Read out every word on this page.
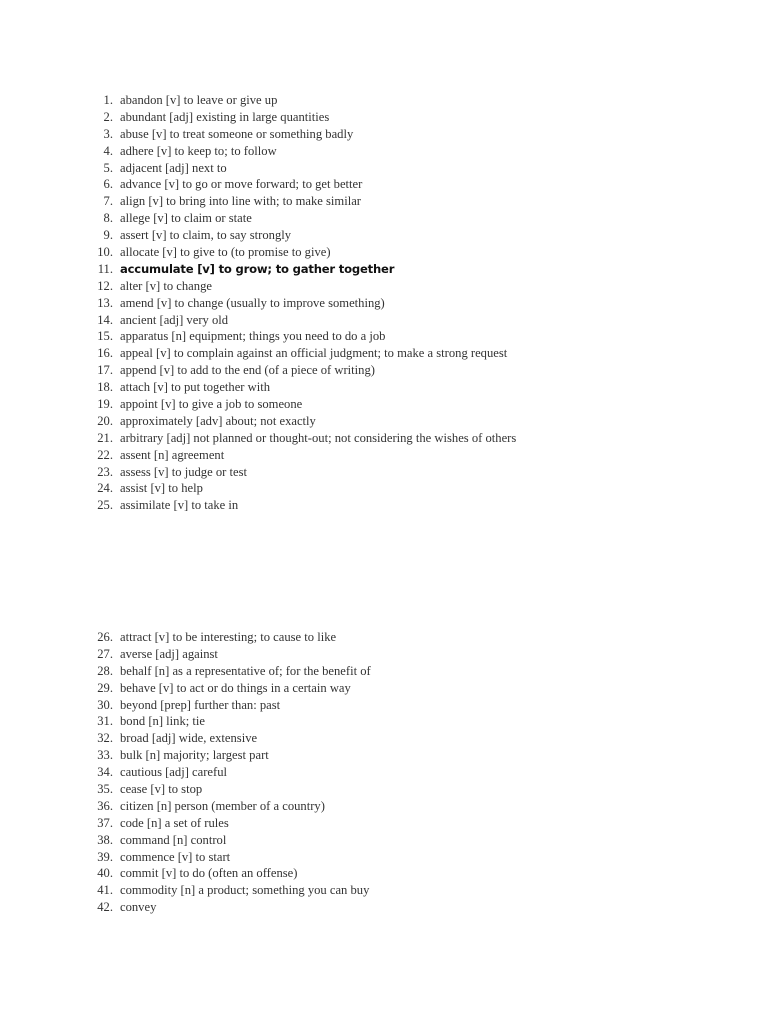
1. abandon [v] to leave or give up
2. abundant [adj] existing in large quantities
3. abuse [v] to treat someone or something badly
4. adhere [v] to keep to; to follow
5. adjacent [adj] next to
6. advance [v] to go or move forward; to get better
7. align [v] to bring into line with; to make similar
8. allege [v] to claim or state
9. assert [v] to claim, to say strongly
10. allocate [v] to give to (to promise to give)
11. accumulate [v] to grow; to gather together
12. alter [v] to change
13. amend [v] to change (usually to improve something)
14. ancient [adj] very old
15. apparatus [n] equipment; things you need to do a job
16. appeal [v] to complain against an official judgment; to make a strong request
17. append [v] to add to the end (of a piece of writing)
18. attach [v] to put together with
19. appoint [v] to give a job to someone
20. approximately [adv] about; not exactly
21. arbitrary [adj] not planned or thought-out; not considering the wishes of others
22. assent [n] agreement
23. assess [v] to judge or test
24. assist [v] to help
25. assimilate [v] to take in
26. attract [v] to be interesting; to cause to like
27. averse [adj] against
28. behalf [n] as a representative of; for the benefit of
29. behave [v] to act or do things in a certain way
30. beyond [prep] further than: past
31. bond [n] link; tie
32. broad [adj] wide, extensive
33. bulk [n] majority; largest part
34. cautious [adj] careful
35. cease [v] to stop
36. citizen [n] person (member of a country)
37. code [n] a set of rules
38. command [n] control
39. commence [v] to start
40. commit [v] to do (often an offense)
41. commodity [n] a product; something you can buy
42. convey
